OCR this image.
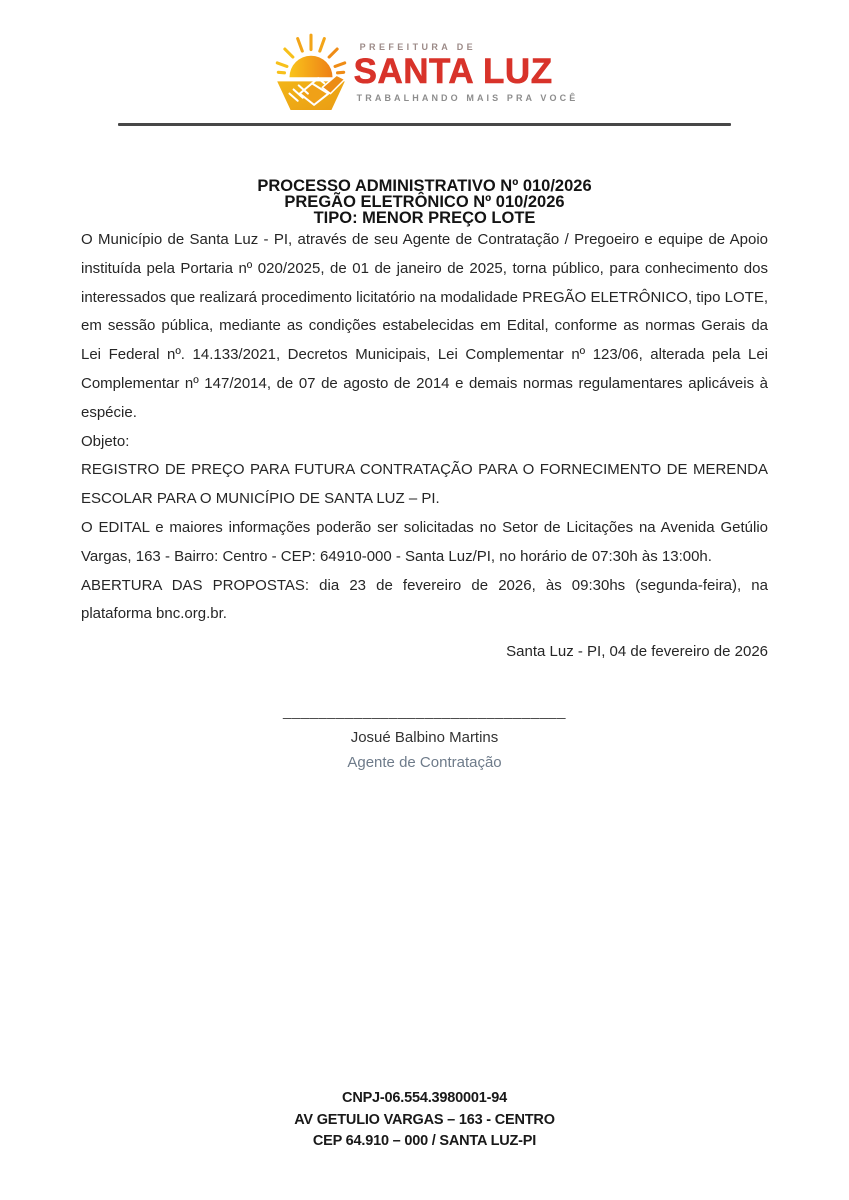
PREFEITURA DE
SANTA LUZ
TRABALHANDO MAIS PRA VOCÊ
PROCESSO ADMINISTRATIVO Nº 010/2026
PREGÃO ELETRÔNICO Nº 010/2026
TIPO: MENOR PREÇO LOTE

O Município de Santa Luz - PI, através de seu Agente de Contratação / Pregoeiro e equipe de Apoio instituída pela Portaria nº 020/2025, de 01 de janeiro de 2025, torna público, para conhecimento dos interessados que realizará procedimento licitatório na modalidade PREGÃO ELETRÔNICO, tipo LOTE, em sessão pública, mediante as condições estabelecidas em Edital, conforme as normas Gerais da Lei Federal nº. 14.133/2021, Decretos Municipais, Lei Complementar nº 123/06, alterada pela Lei Complementar nº 147/2014, de 07 de agosto de 2014 e demais normas regulamentares aplicáveis à espécie.

Objeto:
REGISTRO DE PREÇO PARA FUTURA CONTRATAÇÃO PARA O FORNECIMENTO DE MERENDA ESCOLAR PARA O MUNICÍPIO DE SANTA LUZ – PI.

O EDITAL e maiores informações poderão ser solicitadas no Setor de Licitações na Avenida Getúlio Vargas, 163 - Bairro: Centro - CEP: 64910-000 - Santa Luz/PI, no horário de 07:30h às 13:00h.

ABERTURA DAS PROPOSTAS: dia 23 de fevereiro de 2026, às 09:30hs (segunda-feira), na plataforma bnc.org.br.

Santa Luz - PI, 04 de fevereiro de 2026
________________________________
Josué Balbino Martins
Agente de Contratação
CNPJ-06.554.3980001-94
AV GETULIO VARGAS – 163 - CENTRO
CEP 64.910 – 000 / SANTA LUZ-PI
